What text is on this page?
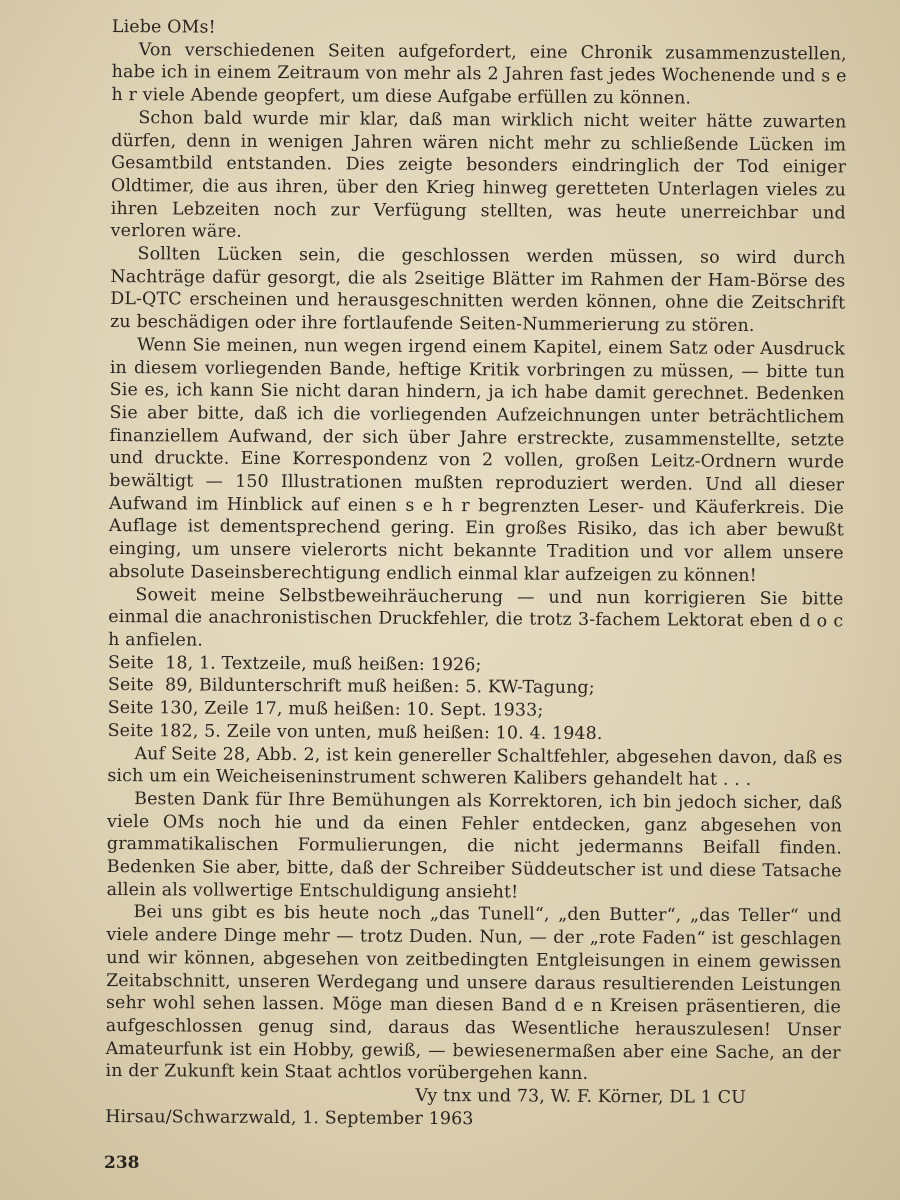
Liebe OMs!

Von verschiedenen Seiten aufgefordert, eine Chronik zusammenzustellen, habe ich in einem Zeitraum von mehr als 2 Jahren fast jedes Wochenende und s e h r viele Abende geopfert, um diese Aufgabe erfüllen zu können.

Schon bald wurde mir klar, daß man wirklich nicht weiter hätte zuwarten dürfen, denn in wenigen Jahren wären nicht mehr zu schließende Lücken im Gesamtbild entstanden. Dies zeigte besonders eindringlich der Tod einiger Oldtimer, die aus ihren, über den Krieg hinweg geretteten Unterlagen vieles zu ihren Lebzeiten noch zur Verfügung stellten, was heute unerreichbar und verloren wäre.

Sollten Lücken sein, die geschlossen werden müssen, so wird durch Nachträge dafür gesorgt, die als 2seitige Blätter im Rahmen der Ham-Börse des DL-QTC erscheinen und herausgeschnitten werden können, ohne die Zeitschrift zu beschädigen oder ihre fortlaufende Seiten-Nummerierung zu stören.

Wenn Sie meinen, nun wegen irgend einem Kapitel, einem Satz oder Ausdruck in diesem vorliegenden Bande, heftige Kritik vorbringen zu müssen, — bitte tun Sie es, ich kann Sie nicht daran hindern, ja ich habe damit gerechnet. Bedenken Sie aber bitte, daß ich die vorliegenden Aufzeichnungen unter beträchtlichem finanziellem Aufwand, der sich über Jahre erstreckte, zusammenstellte, setzte und druckte. Eine Korrespondenz von 2 vollen, großen Leitz-Ordnern wurde bewältigt — 150 Illustrationen mußten reproduziert werden. Und all dieser Aufwand im Hinblick auf einen s e h r begrenzten Leser- und Käuferkreis. Die Auflage ist dementsprechend gering. Ein großes Risiko, das ich aber bewußt einging, um unsere vielerorts nicht bekannte Tradition und vor allem unsere absolute Daseinsberechtigung endlich einmal klar aufzeigen zu können!

Soweit meine Selbstbeweihräucherung — und nun korrigieren Sie bitte einmal die anachronistischen Druckfehler, die trotz 3-fachem Lektorat eben d o c h anfielen.

Seite  18, 1. Textzeile, muß heißen: 1926;
Seite  89, Bildunterschrift muß heißen: 5. KW-Tagung;
Seite 130, Zeile 17, muß heißen: 10. Sept. 1933;
Seite 182, 5. Zeile von unten, muß heißen: 10. 4. 1948.

Auf Seite 28, Abb. 2, ist kein genereller Schaltfehler, abgesehen davon, daß es sich um ein Weicheiseninstrument schweren Kalibers gehandelt hat . . .

Besten Dank für Ihre Bemühungen als Korrektoren, ich bin jedoch sicher, daß viele OMs noch hie und da einen Fehler entdecken, ganz abgesehen von grammatikalischen Formulierungen, die nicht jedermanns Beifall finden. Bedenken Sie aber, bitte, daß der Schreiber Süddeutscher ist und diese Tatsache allein als vollwertige Entschuldigung ansieht!

Bei uns gibt es bis heute noch „das Tunell“, „den Butter“, „das Teller“ und viele andere Dinge mehr — trotz Duden. Nun, — der „rote Faden“ ist geschlagen und wir können, abgesehen von zeitbedingten Entgleisungen in einem gewissen Zeitabschnitt, unseren Werdegang und unsere daraus resultierenden Leistungen sehr wohl sehen lassen. Möge man diesen Band d e n Kreisen präsentieren, die aufgeschlossen genug sind, daraus das Wesentliche herauszulesen! Unser Amateurfunk ist ein Hobby, gewiß, — bewiesenermaßen aber eine Sache, an der in der Zukunft kein Staat achtlos vorübergehen kann.

Vy tnx und 73, W. F. Körner, DL 1 CU

Hirsau/Schwarzwald, 1. September 1963

238
